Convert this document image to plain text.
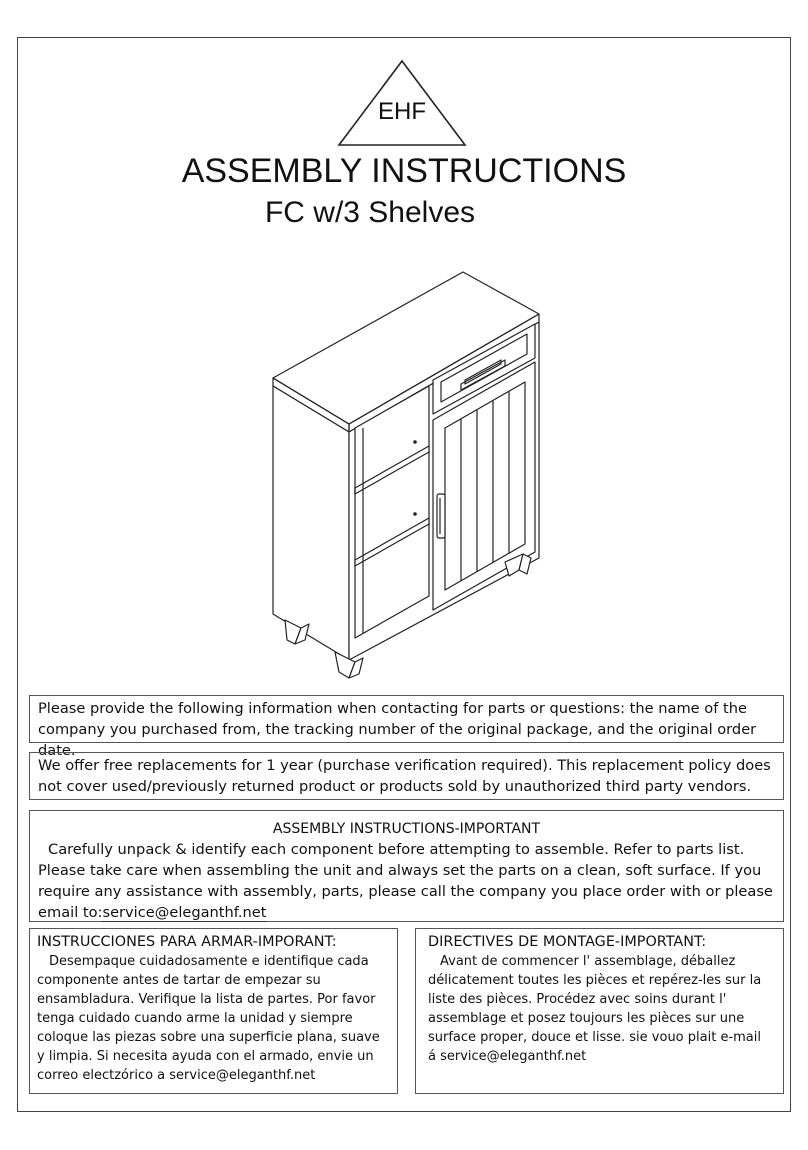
EHF
ASSEMBLY INSTRUCTIONS
FC w/3 Shelves
Please provide the following information when contacting for parts or questions: the name of the company you purchased from, the tracking number of the original package, and the original order date.
We offer free replacements for 1 year (purchase verification required). This replacement policy does not cover used/previously returned product or products sold by unauthorized third party vendors.
ASSEMBLY INSTRUCTIONS-IMPORTANT
Carefully unpack & identify each component before attempting to assemble. Refer to parts list. Please take care when assembling the unit and always set the parts on a clean, soft surface. If you require any assistance with assembly, parts, please call the company you place order with or please email to:service@eleganthf.net
INSTRUCCIONES PARA ARMAR-IMPORANT:
Desempaque cuidadosamente e identifique cada componente antes de tartar de empezar su ensambladura. Verifique la lista de partes. Por favor tenga cuidado cuando arme la unidad y siempre coloque las piezas sobre una superficie plana, suave y limpia. Si necesita ayuda con el armado, envie un correo electzórico a service@eleganthf.net
DIRECTIVES DE MONTAGE-IMPORTANT:
Avant de commencer l' assemblage, déballez délicatement toutes les pièces et repérez-les sur la liste des pièces. Procédez avec soins durant l' assemblage et posez toujours les pièces sur une surface proper, douce et lisse. sie vouo plait e-mail á service@eleganthf.net
